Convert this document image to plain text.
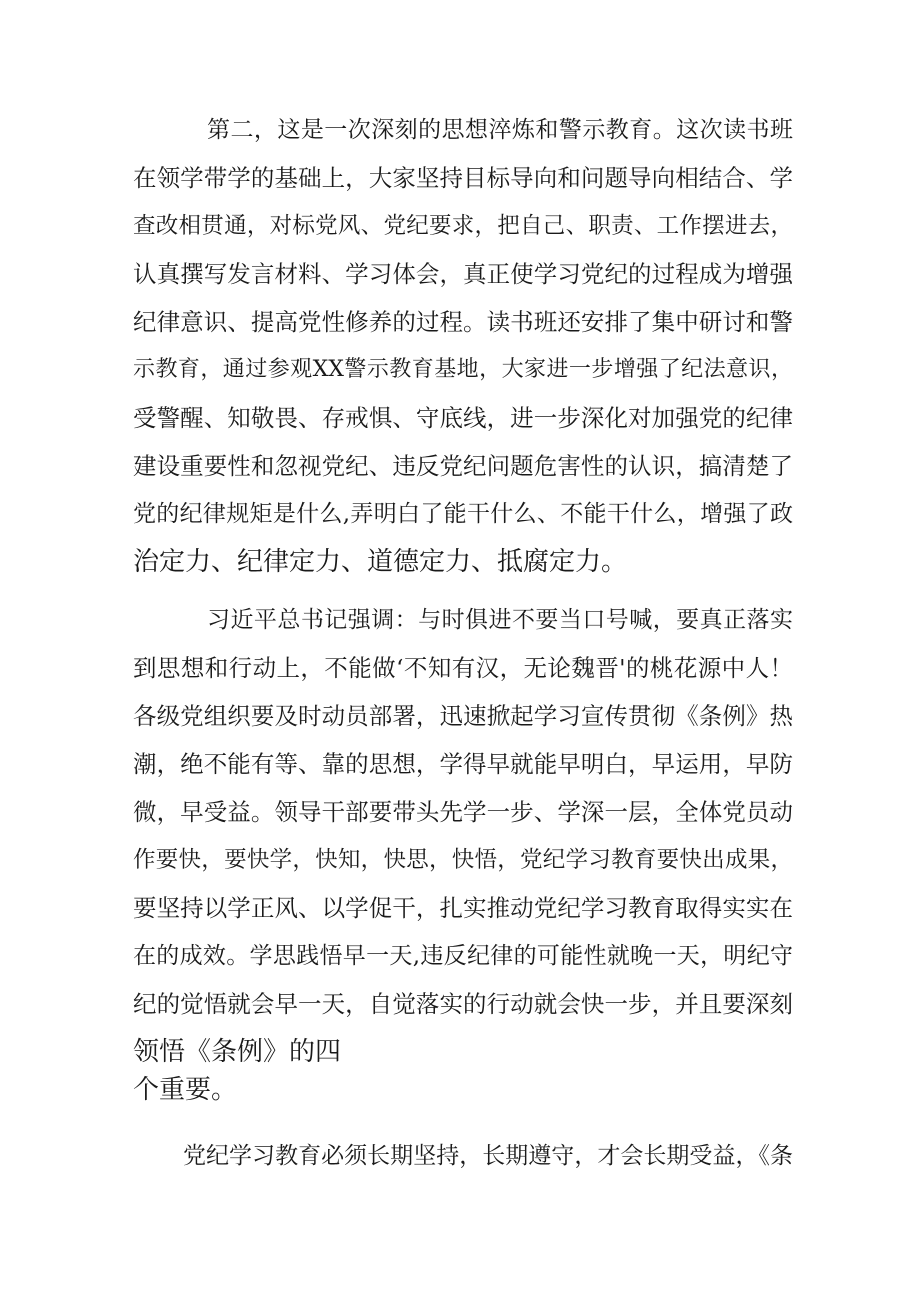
第二，这是一次深刻的思想淬炼和警示教育。这次读书班
在领学带学的基础上，大家坚持目标导向和问题导向相结合、学
查改相贯通，对标党风、党纪要求，把自己、职责、工作摆进去，
认真撰写发言材料、学习体会，真正使学习党纪的过程成为增强
纪律意识、提高党性修养的过程。读书班还安排了集中研讨和警
示教育，通过参观XX警示教育基地，大家进一步增强了纪法意识，
受警醒、知敬畏、存戒惧、守底线，进一步深化对加强党的纪律
建设重要性和忽视党纪、违反党纪问题危害性的认识，搞清楚了
党的纪律规矩是什么,弄明白了能干什么、不能干什么，增强了政
治定力、纪律定力、道德定力、抵腐定力。
习近平总书记强调：与时俱进不要当口号喊，要真正落实
到思想和行动上，不能做‘不知有汉，无论魏晋'的桃花源中人！
各级党组织要及时动员部署，迅速掀起学习宣传贯彻《条例》热
潮，绝不能有等、靠的思想，学得早就能早明白，早运用，早防
微，早受益。领导干部要带头先学一步、学深一层，全体党员动
作要快，要快学，快知，快思，快悟，党纪学习教育要快出成果，
要坚持以学正风、以学促干，扎实推动党纪学习教育取得实实在
在的成效。学思践悟早一天,违反纪律的可能性就晚一天，明纪守
纪的觉悟就会早一天，自觉落实的行动就会快一步，并且要深刻
领悟《条例》的四
个重要。
党纪学习教育必须长期坚持，长期遵守，才会长期受益，《条
